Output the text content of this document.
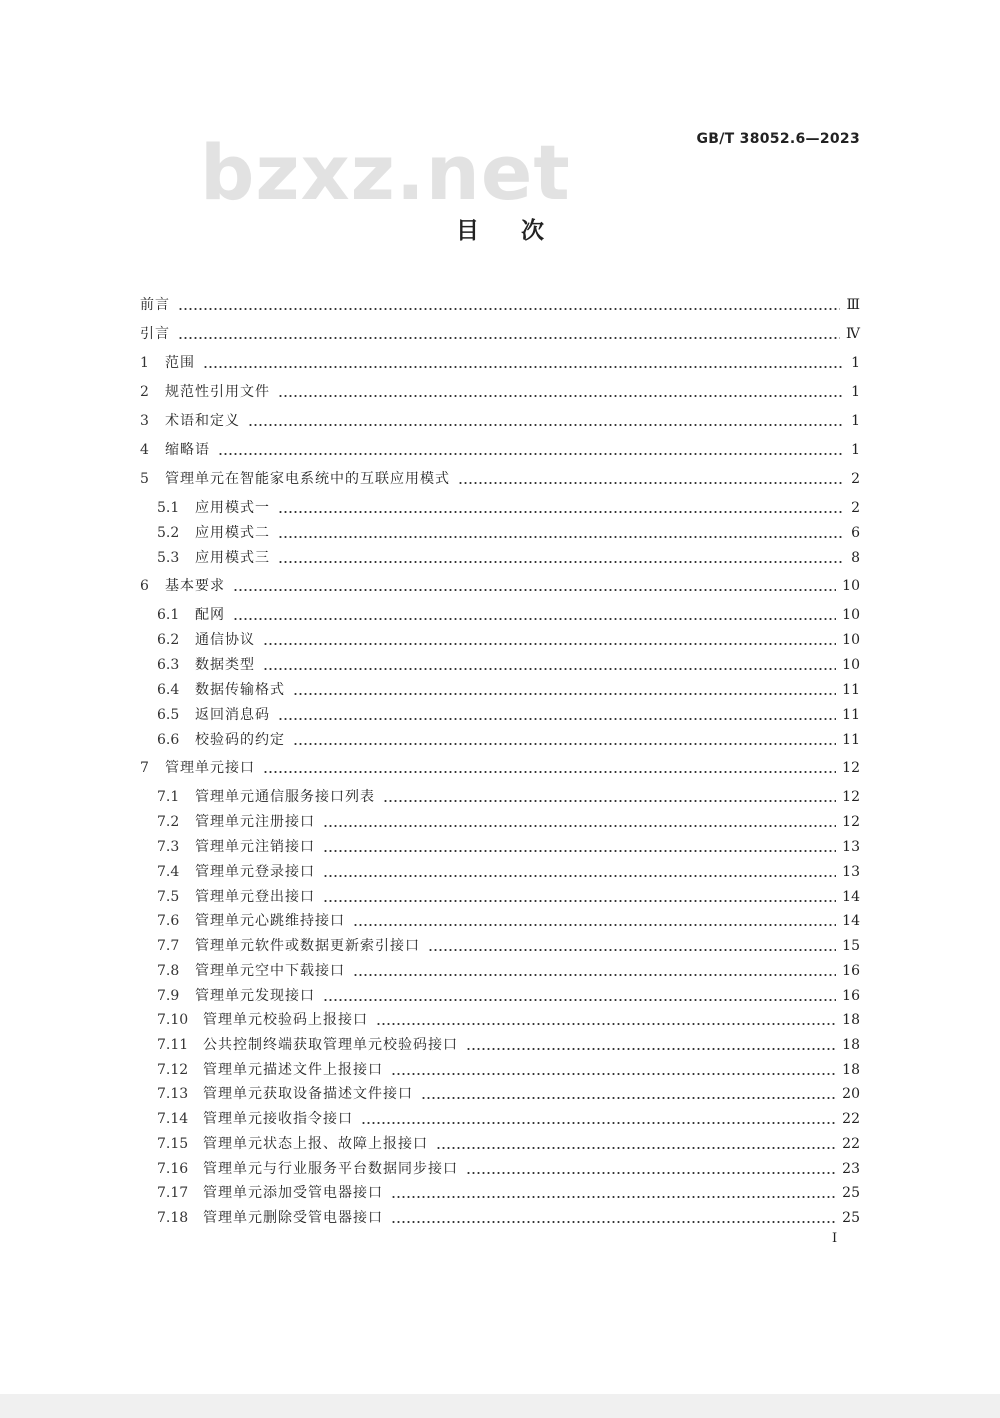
bzxz.net	GB/T 38052.6—2023
目次
前言	Ⅲ
引言	Ⅳ
1	范围	1
2	规范性引用文件	1
3	术语和定义	1
4	缩略语	1
5	管理单元在智能家电系统中的互联应用模式	2
5.1	应用模式一	2
5.2	应用模式二	6
5.3	应用模式三	8
6	基本要求	10
6.1	配网	10
6.2	通信协议	10
6.3	数据类型	10
6.4	数据传输格式	11
6.5	返回消息码	11
6.6	校验码的约定	11
7	管理单元接口	12
7.1	管理单元通信服务接口列表	12
7.2	管理单元注册接口	12
7.3	管理单元注销接口	13
7.4	管理单元登录接口	13
7.5	管理单元登出接口	14
7.6	管理单元心跳维持接口	14
7.7	管理单元软件或数据更新索引接口	15
7.8	管理单元空中下载接口	16
7.9	管理单元发现接口	16
7.10	管理单元校验码上报接口	18
7.11	公共控制终端获取管理单元校验码接口	18
7.12	管理单元描述文件上报接口	18
7.13	管理单元获取设备描述文件接口	20
7.14	管理单元接收指令接口	22
7.15	管理单元状态上报、故障上报接口	22
7.16	管理单元与行业服务平台数据同步接口	23
7.17	管理单元添加受管电器接口	25
7.18	管理单元删除受管电器接口	25
I
